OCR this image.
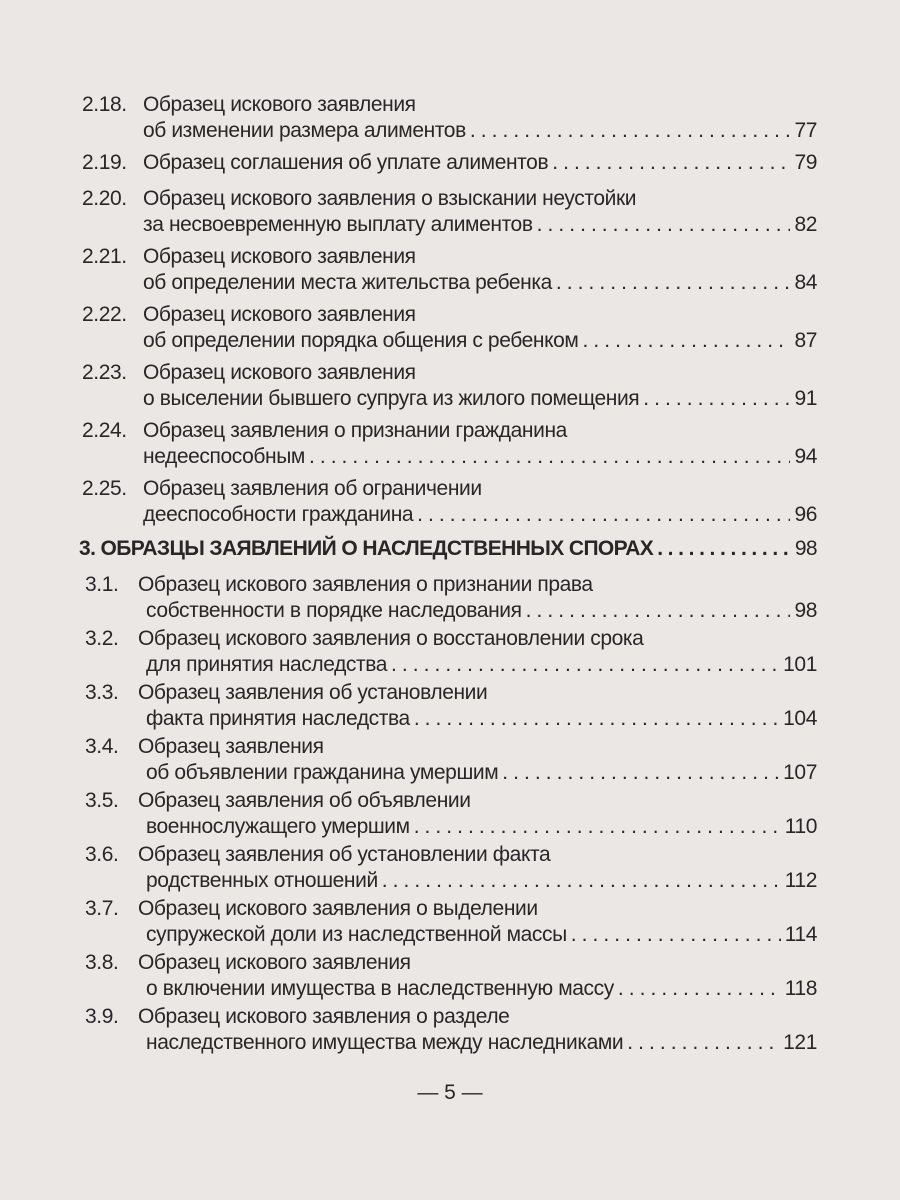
2.18. Образец искового заявления
об изменении размера алиментов . . .	77
2.19. Образец соглашения об уплате алиментов . . .	79
2.20. Образец искового заявления о взыскании неустойки
за несвоевременную выплату алиментов . . .	82
2.21. Образец искового заявления
об определении места жительства ребенка . . .	84
2.22. Образец искового заявления
об определении порядка общения с ребенком . . .	87
2.23. Образец искового заявления
о выселении бывшего супруга из жилого помещения . . .	91
2.24. Образец заявления о признании гражданина
недееспособным . . .	94
2.25. Образец заявления об ограничении
дееспособности гражданина . . .	96
3. ОБРАЗЦЫ ЗАЯВЛЕНИЙ О НАСЛЕДСТВЕННЫХ СПОРАХ . . .	98
3.1. Образец искового заявления о признании права
собственности в порядке наследования . . .	98
3.2. Образец искового заявления о восстановлении срока
для принятия наследства . . .	101
3.3. Образец заявления об установлении
факта принятия наследства . . .	104
3.4. Образец заявления
об объявлении гражданина умершим . . .	107
3.5. Образец заявления об объявлении
военнослужащего умершим . . .	110
3.6. Образец заявления об установлении факта
родственных отношений . . .	112
3.7. Образец искового заявления о выделении
супружеской доли из наследственной массы . . .	114
3.8. Образец искового заявления
о включении имущества в наследственную массу . . .	118
3.9. Образец искового заявления о разделе
наследственного имущества между наследниками . . .	121
— 5 —
